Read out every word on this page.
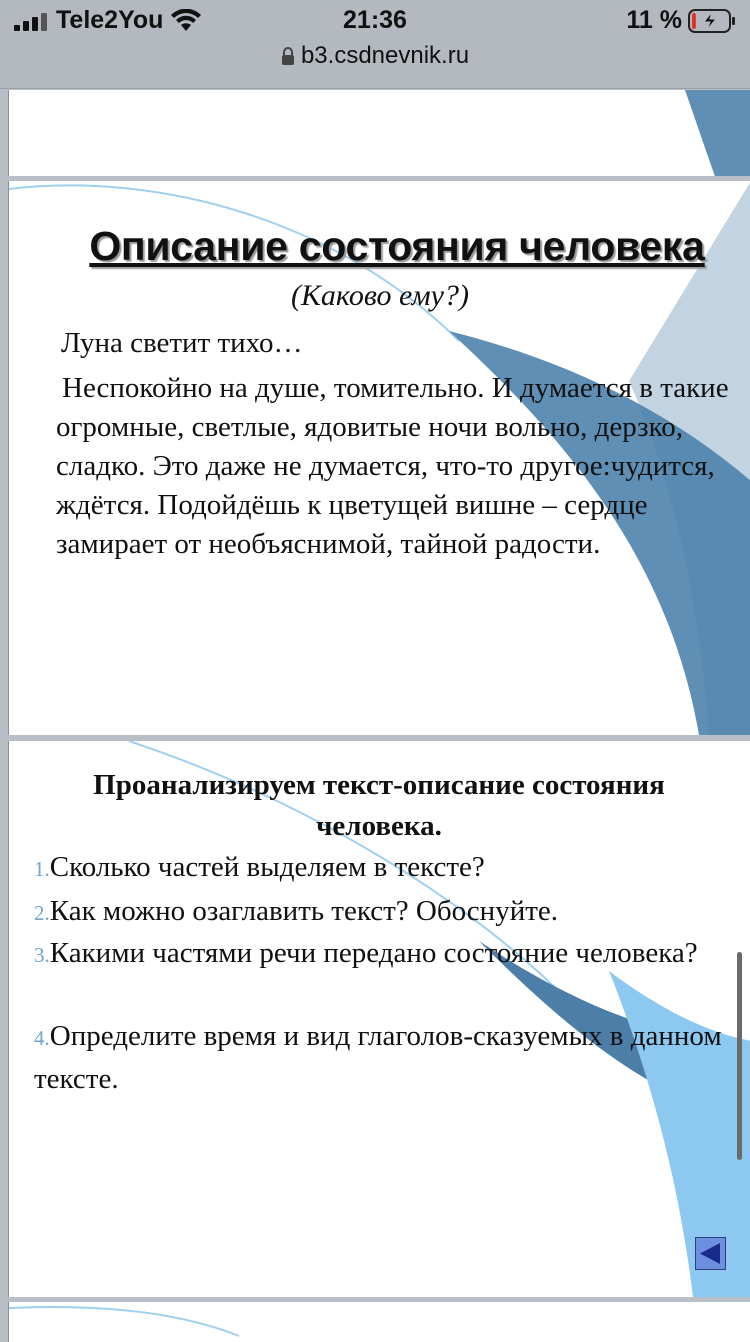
Tele2You	21:36	11 %
b3.csdnevnik.ru
Описание состояния человека
(Каково ему?)
Луна светит тихо…
Неспокойно на душе, томительно. И думается в такие огромные, светлые, ядовитые ночи вольно, дерзко, сладко. Это даже не думается, что-то другое:чудится, ждётся. Подойдёшь к цветущей вишне – сердце замирает от необъяснимой, тайной радости.
Проанализируем текст-описание состояния человека.
1.Сколько частей выделяем в тексте?
2.Как можно озаглавить текст? Обоснуйте.
3.Какими частями речи передано состояние человека?
4.Определите время и вид глаголов-сказуемых в данном тексте.
